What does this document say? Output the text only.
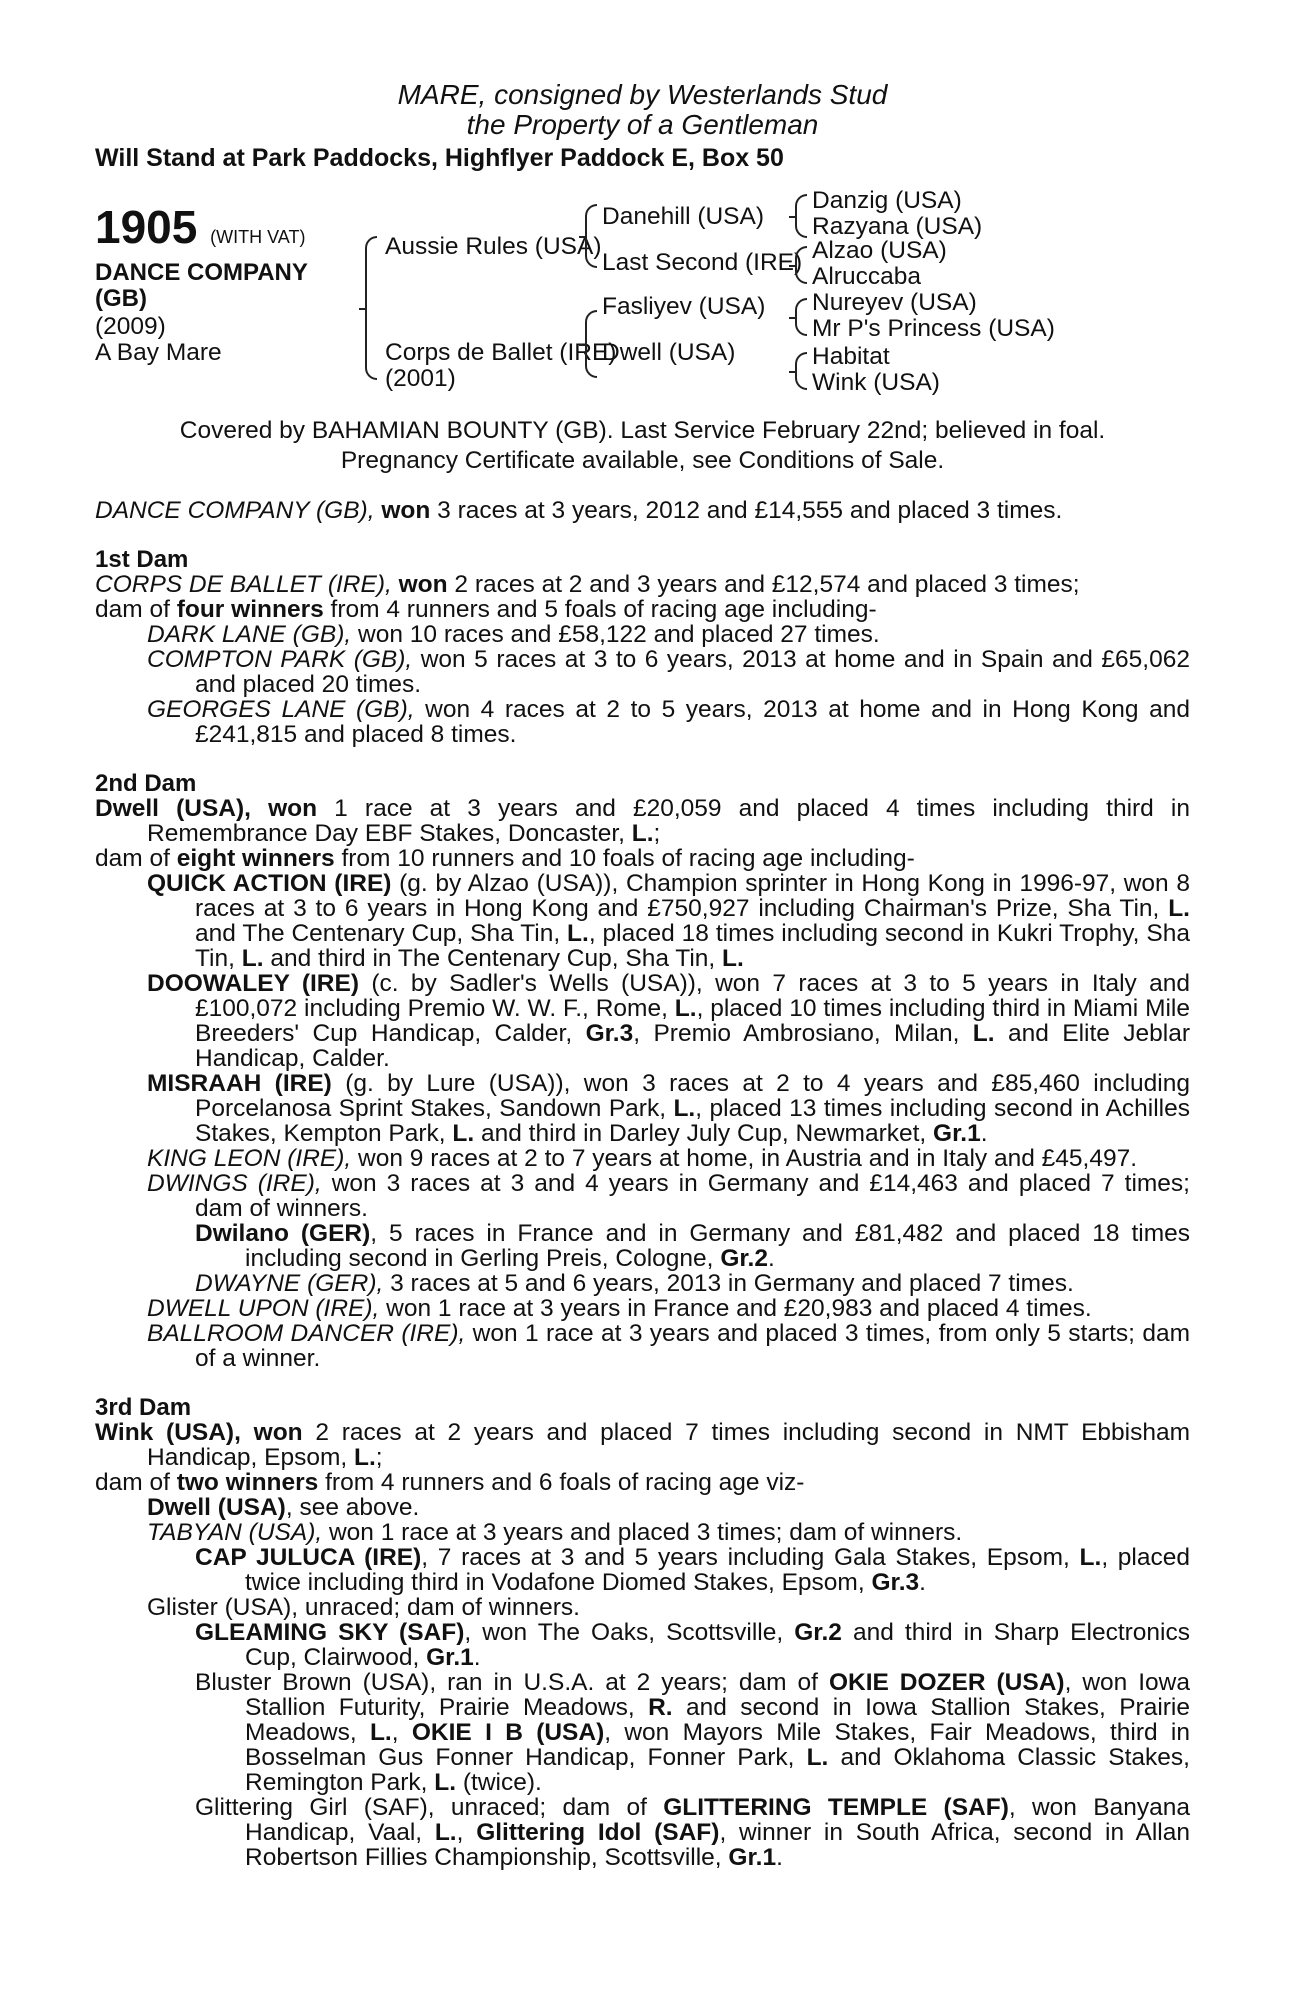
MARE, consigned by Westerlands Stud
the Property of a Gentleman
Will Stand at Park Paddocks, Highflyer Paddock E, Box 50
1905 (WITH VAT)
DANCE COMPANY
(GB)
(2009)
A Bay Mare
Aussie Rules (USA)
Corps de Ballet (IRE)
(2001)
Danehill (USA)
Last Second (IRE)
Fasliyev (USA)
Dwell (USA)
Danzig (USA)
Razyana (USA)
Alzao (USA)
Alruccaba
Nureyev (USA)
Mr P's Princess (USA)
Habitat
Wink (USA)
Covered by BAHAMIAN BOUNTY (GB). Last Service February 22nd; believed in foal.
Pregnancy Certificate available, see Conditions of Sale.
DANCE COMPANY (GB), won 3 races at 3 years, 2012 and £14,555 and placed 3 times.
1st Dam
CORPS DE BALLET (IRE), won 2 races at 2 and 3 years and £12,574 and placed 3 times;
dam of four winners from 4 runners and 5 foals of racing age including-
DARK LANE (GB), won 10 races and £58,122 and placed 27 times.
COMPTON PARK (GB), won 5 races at 3 to 6 years, 2013 at home and in Spain and £65,062 and placed 20 times.
GEORGES LANE (GB), won 4 races at 2 to 5 years, 2013 at home and in Hong Kong and £241,815 and placed 8 times.
2nd Dam
Dwell (USA), won 1 race at 3 years and £20,059 and placed 4 times including third in Remembrance Day EBF Stakes, Doncaster, L.;
dam of eight winners from 10 runners and 10 foals of racing age including-
QUICK ACTION (IRE) (g. by Alzao (USA)), Champion sprinter in Hong Kong in 1996-97, won 8 races at 3 to 6 years in Hong Kong and £750,927 including Chairman's Prize, Sha Tin, L. and The Centenary Cup, Sha Tin, L., placed 18 times including second in Kukri Trophy, Sha Tin, L. and third in The Centenary Cup, Sha Tin, L.
DOOWALEY (IRE) (c. by Sadler's Wells (USA)), won 7 races at 3 to 5 years in Italy and £100,072 including Premio W. W. F., Rome, L., placed 10 times including third in Miami Mile Breeders' Cup Handicap, Calder, Gr.3, Premio Ambrosiano, Milan, L. and Elite Jeblar Handicap, Calder.
MISRAAH (IRE) (g. by Lure (USA)), won 3 races at 2 to 4 years and £85,460 including Porcelanosa Sprint Stakes, Sandown Park, L., placed 13 times including second in Achilles Stakes, Kempton Park, L. and third in Darley July Cup, Newmarket, Gr.1.
KING LEON (IRE), won 9 races at 2 to 7 years at home, in Austria and in Italy and £45,497.
DWINGS (IRE), won 3 races at 3 and 4 years in Germany and £14,463 and placed 7 times; dam of winners.
Dwilano (GER), 5 races in France and in Germany and £81,482 and placed 18 times including second in Gerling Preis, Cologne, Gr.2.
DWAYNE (GER), 3 races at 5 and 6 years, 2013 in Germany and placed 7 times.
DWELL UPON (IRE), won 1 race at 3 years in France and £20,983 and placed 4 times.
BALLROOM DANCER (IRE), won 1 race at 3 years and placed 3 times, from only 5 starts; dam of a winner.
3rd Dam
Wink (USA), won 2 races at 2 years and placed 7 times including second in NMT Ebbisham Handicap, Epsom, L.;
dam of two winners from 4 runners and 6 foals of racing age viz-
Dwell (USA), see above.
TABYAN (USA), won 1 race at 3 years and placed 3 times; dam of winners.
CAP JULUCA (IRE), 7 races at 3 and 5 years including Gala Stakes, Epsom, L., placed twice including third in Vodafone Diomed Stakes, Epsom, Gr.3.
Glister (USA), unraced; dam of winners.
GLEAMING SKY (SAF), won The Oaks, Scottsville, Gr.2 and third in Sharp Electronics Cup, Clairwood, Gr.1.
Bluster Brown (USA), ran in U.S.A. at 2 years; dam of OKIE DOZER (USA), won Iowa Stallion Futurity, Prairie Meadows, R. and second in Iowa Stallion Stakes, Prairie Meadows, L., OKIE I B (USA), won Mayors Mile Stakes, Fair Meadows, third in Bosselman Gus Fonner Handicap, Fonner Park, L. and Oklahoma Classic Stakes, Remington Park, L. (twice).
Glittering Girl (SAF), unraced; dam of GLITTERING TEMPLE (SAF), won Banyana Handicap, Vaal, L., Glittering Idol (SAF), winner in South Africa, second in Allan Robertson Fillies Championship, Scottsville, Gr.1.
